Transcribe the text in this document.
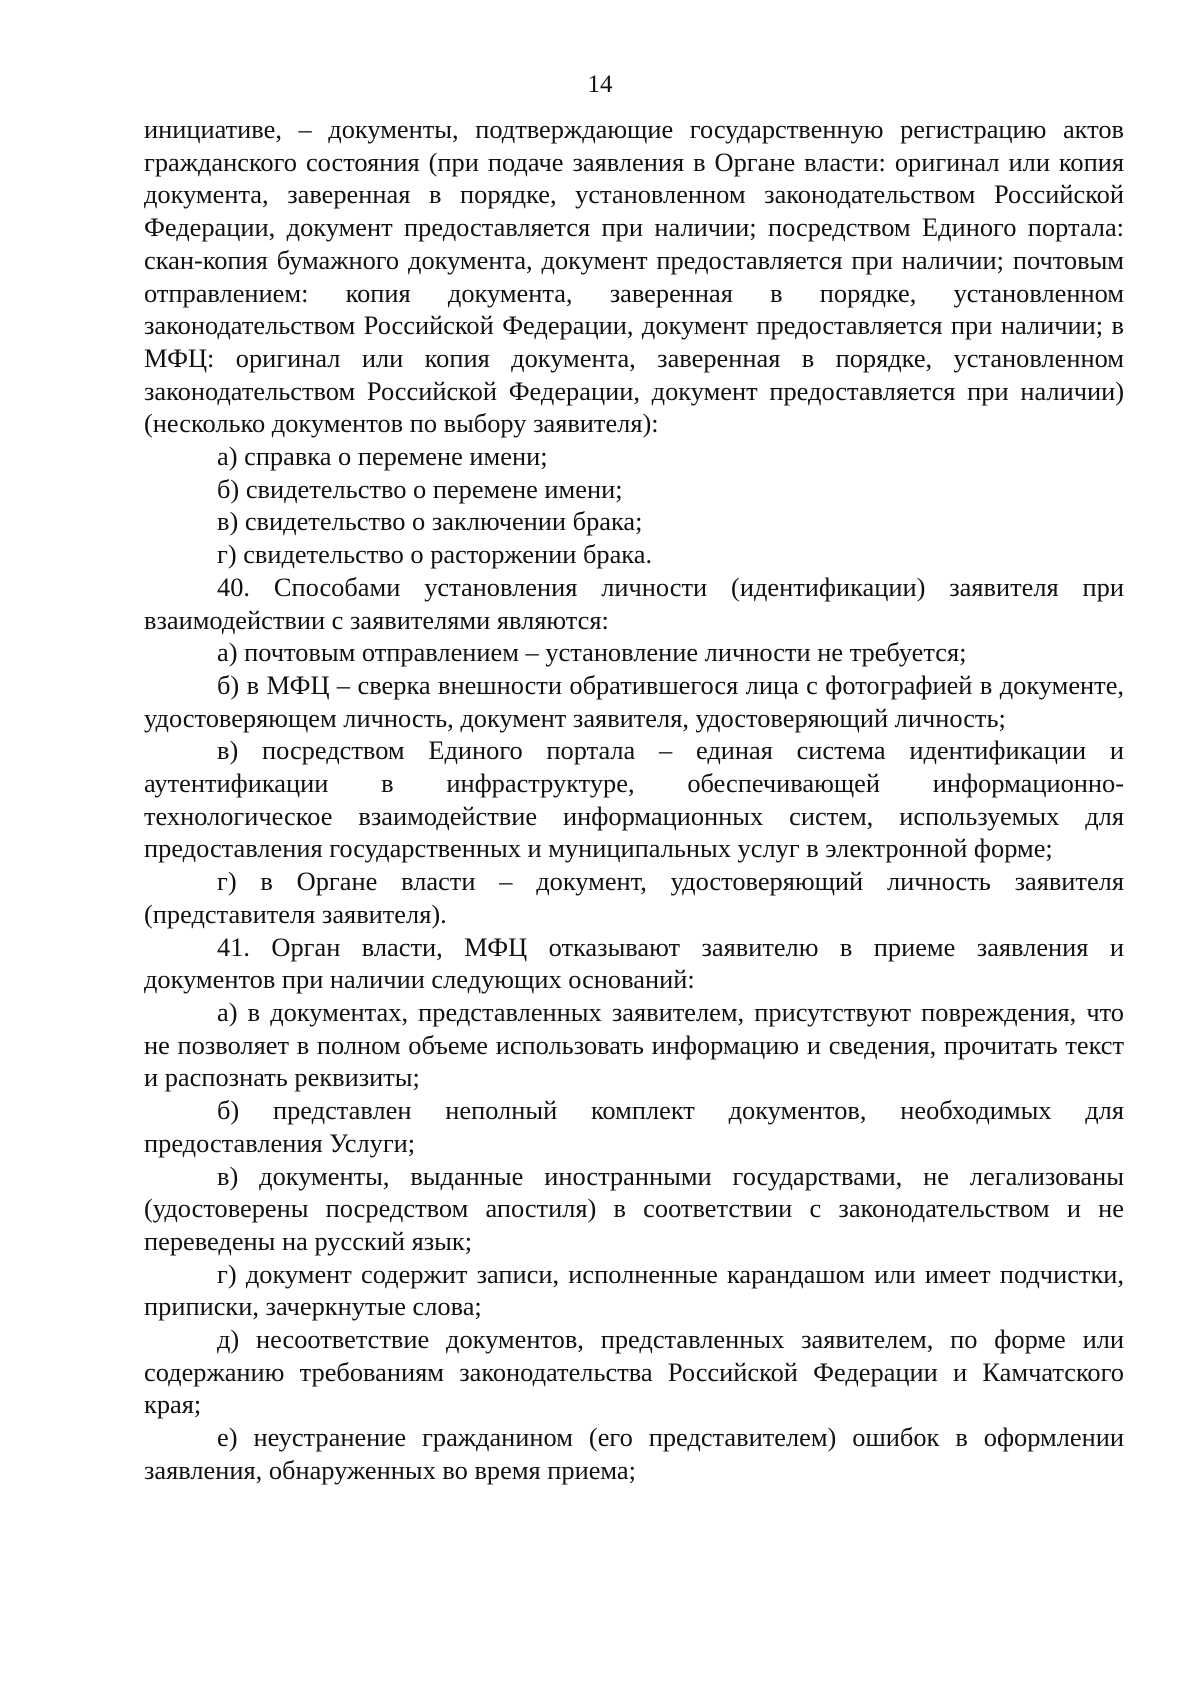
14

инициативе, – документы, подтверждающие государственную регистрацию актов гражданского состояния (при подаче заявления в Органе власти: оригинал или копия документа, заверенная в порядке, установленном законодательством Российской Федерации, документ предоставляется при наличии; посредством Единого портала: скан-копия бумажного документа, документ предоставляется при наличии; почтовым отправлением: копия документа, заверенная в порядке, установленном законодательством Российской Федерации, документ предоставляется при наличии; в МФЦ: оригинал или копия документа, заверенная в порядке, установленном законодательством Российской Федерации, документ предоставляется при наличии) (несколько документов по выбору заявителя):

а) справка о перемене имени;

б) свидетельство о перемене имени;

в) свидетельство о заключении брака;

г) свидетельство о расторжении брака.

40. Способами установления личности (идентификации) заявителя при взаимодействии с заявителями являются:

а) почтовым отправлением – установление личности не требуется;

б) в МФЦ – сверка внешности обратившегося лица с фотографией в документе, удостоверяющем личность, документ заявителя, удостоверяющий личность;

в) посредством Единого портала – единая система идентификации и аутентификации в инфраструктуре, обеспечивающей информационно-технологическое взаимодействие информационных систем, используемых для предоставления государственных и муниципальных услуг в электронной форме;

г) в Органе власти – документ, удостоверяющий личность заявителя (представителя заявителя).

41. Орган власти, МФЦ отказывают заявителю в приеме заявления и документов при наличии следующих оснований:

а) в документах, представленных заявителем, присутствуют повреждения, что не позволяет в полном объеме использовать информацию и сведения, прочитать текст и распознать реквизиты;

б) представлен неполный комплект документов, необходимых для предоставления Услуги;

в) документы, выданные иностранными государствами, не легализованы (удостоверены посредством апостиля) в соответствии с законодательством и не переведены на русский язык;

г) документ содержит записи, исполненные карандашом или имеет подчистки, приписки, зачеркнутые слова;

д) несоответствие документов, представленных заявителем, по форме или содержанию требованиям законодательства Российской Федерации и Камчатского края;

е) неустранение гражданином (его представителем) ошибок в оформлении заявления, обнаруженных во время приема;
